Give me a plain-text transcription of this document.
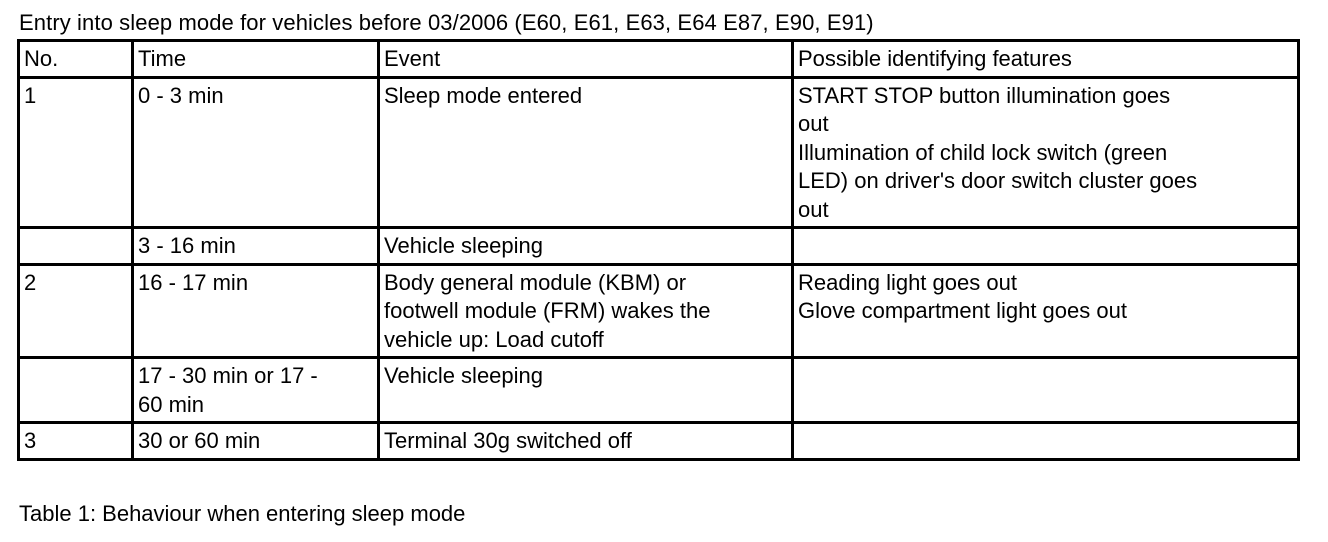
Entry into sleep mode for vehicles before 03/2006 (E60, E61, E63, E64 E87, E90, E91)
No.	Time	Event	Possible identifying features
1	0 - 3 min	Sleep mode entered	START STOP button illumination goes
out
Illumination of child lock switch (green
LED) on driver's door switch cluster goes
out
	3 - 16 min	Vehicle sleeping	
2	16 - 17 min	Body general module (KBM) or
footwell module (FRM) wakes the
vehicle up: Load cutoff	Reading light goes out
Glove compartment light goes out
	17 - 30 min or 17 -
60 min	Vehicle sleeping	
3	30 or 60 min	Terminal 30g switched off	
Table 1: Behaviour when entering sleep mode
